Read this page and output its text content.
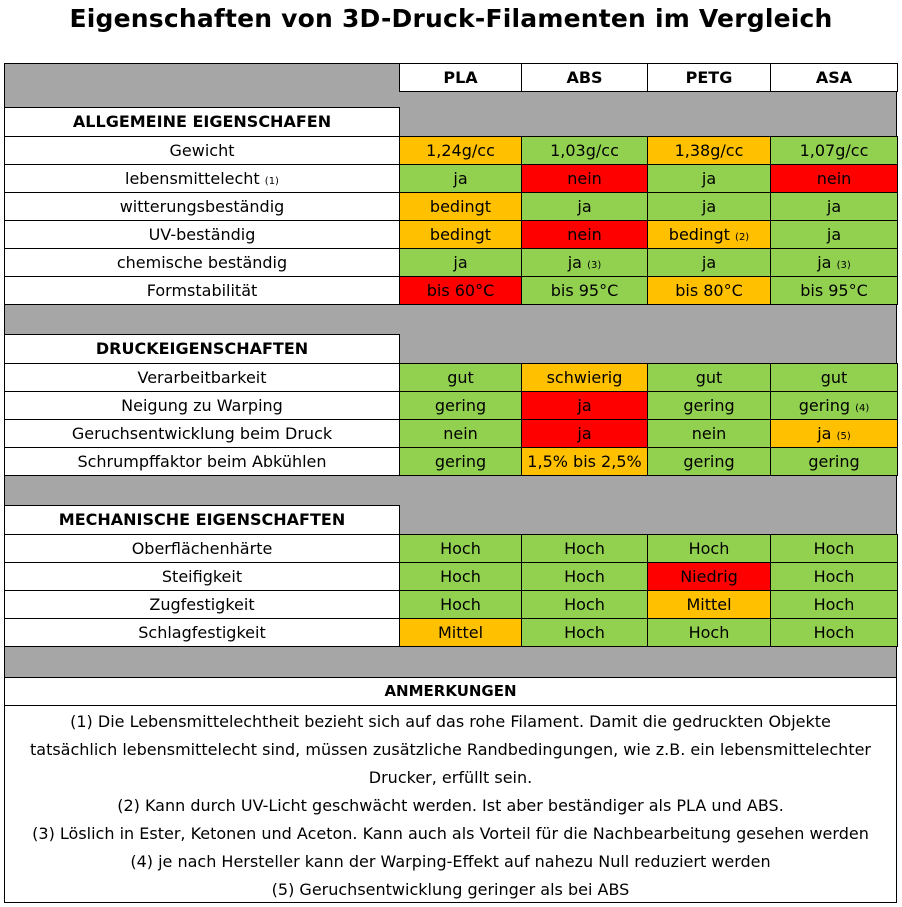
Eigenschaften von 3D-Druck-Filamenten im Vergleich
PLA	ABS	PETG	ASA
ALLGEMEINE EIGENSCHAFEN
Gewicht	1,24g/cc	1,03g/cc	1,38g/cc	1,07g/cc
lebensmittelecht (1)	ja	nein	ja	nein
witterungsbeständig	bedingt	ja	ja	ja
UV-beständig	bedingt	nein	bedingt (2)	ja
chemische beständig	ja	ja (3)	ja	ja (3)
Formstabilität	bis 60°C	bis 95°C	bis 80°C	bis 95°C
DRUCKEIGENSCHAFTEN
Verarbeitbarkeit	gut	schwierig	gut	gut
Neigung zu Warping	gering	ja	gering	gering (4)
Geruchsentwicklung beim Druck	nein	ja	nein	ja (5)
Schrumpffaktor beim Abkühlen	gering	1,5% bis 2,5%	gering	gering
MECHANISCHE EIGENSCHAFTEN
Oberflächenhärte	Hoch	Hoch	Hoch	Hoch
Steifigkeit	Hoch	Hoch	Niedrig	Hoch
Zugfestigkeit	Hoch	Hoch	Mittel	Hoch
Schlagfestigkeit	Mittel	Hoch	Hoch	Hoch
ANMERKUNGEN

(1) Die Lebensmittelechtheit bezieht sich auf das rohe Filament. Damit die gedruckten Objekte

tatsächlich lebensmittelecht sind, müssen zusätzliche Randbedingungen, wie z.B. ein lebensmittelechter

Drucker, erfüllt sein.

(2) Kann durch UV-Licht geschwächt werden. Ist aber beständiger als PLA und ABS.

(3) Löslich in Ester, Ketonen und Aceton. Kann auch als Vorteil für die Nachbearbeitung gesehen werden

(4) je nach Hersteller kann der Warping-Effekt auf nahezu Null reduziert werden

(5) Geruchsentwicklung geringer als bei ABS
